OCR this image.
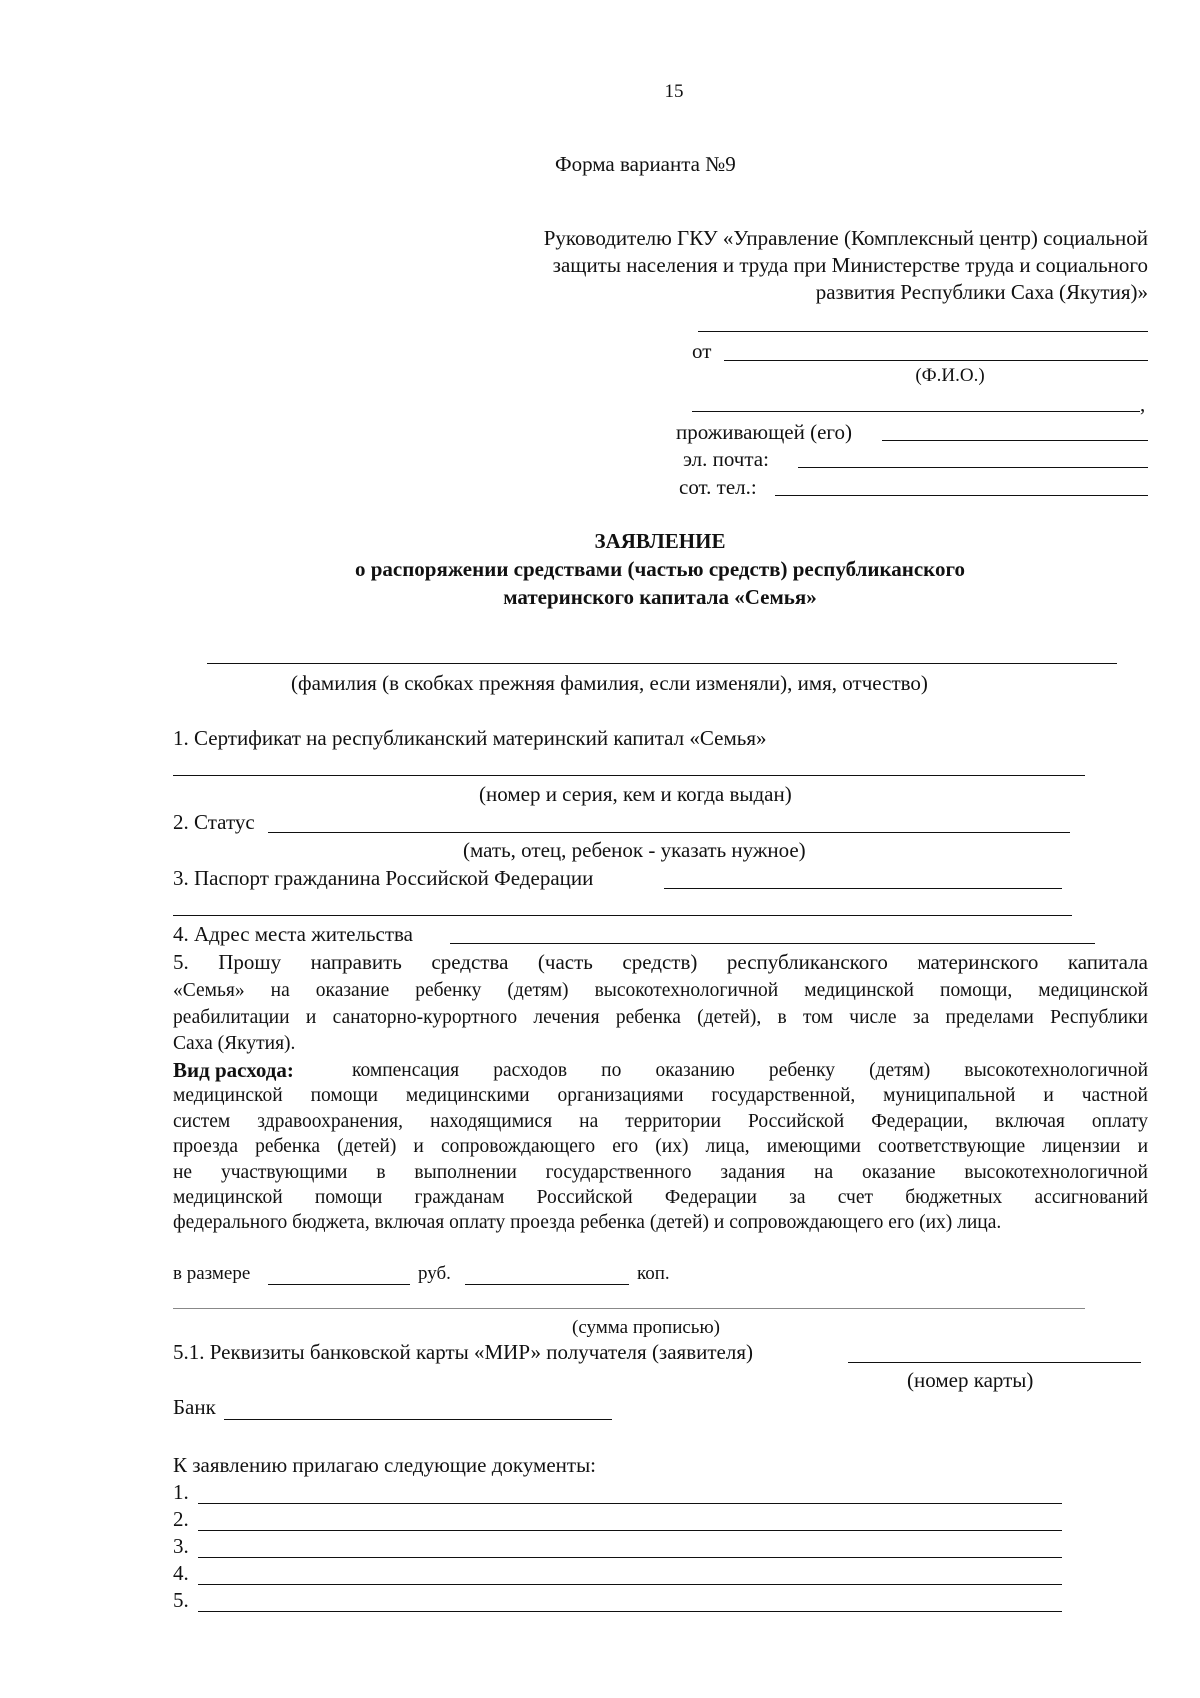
15
Форма варианта №9
Руководителю ГКУ «Управление (Комплексный центр) социальной
защиты населения и труда при Министерстве труда и социального
развития Республики Саха (Якутия)»
от
(Ф.И.О.)
,
проживающей (его)
эл. почта:
сот. тел.:
ЗАЯВЛЕНИЕ
о распоряжении средствами (частью средств) республиканского
материнского капитала «Семья»
(фамилия (в скобках прежняя фамилия, если изменяли), имя, отчество)
1. Сертификат на республиканский материнский капитал «Семья»
(номер и серия, кем и когда выдан)
2. Статус
(мать, отец, ребенок - указать нужное)
3. Паспорт гражданина Российской Федерации
4. Адрес места жительства
5. Прошу направить средства (часть средств) республиканского материнского капитала
«Семья» на оказание ребенку (детям) высокотехнологичной медицинской помощи, медицинской
реабилитации и санаторно-курортного лечения ребенка (детей), в том числе за пределами Республики
Саха (Якутия).
Вид расхода:	компенсация расходов по оказанию ребенку (детям) высокотехнологичной
медицинской помощи медицинскими организациями государственной, муниципальной и частной
систем здравоохранения, находящимися на территории Российской Федерации, включая оплату
проезда ребенка (детей) и сопровождающего его (их) лица, имеющими соответствующие лицензии и
не участвующими в выполнении государственного задания на оказание высокотехнологичной
медицинской помощи гражданам Российской Федерации за счет бюджетных ассигнований
федерального бюджета, включая оплату проезда ребенка (детей) и сопровождающего его (их) лица.
в размере	руб.	коп.
(сумма прописью)
5.1. Реквизиты банковской карты «МИР» получателя (заявителя)
(номер карты)
Банк
К заявлению прилагаю следующие документы:
1.
2.
3.
4.
5.
